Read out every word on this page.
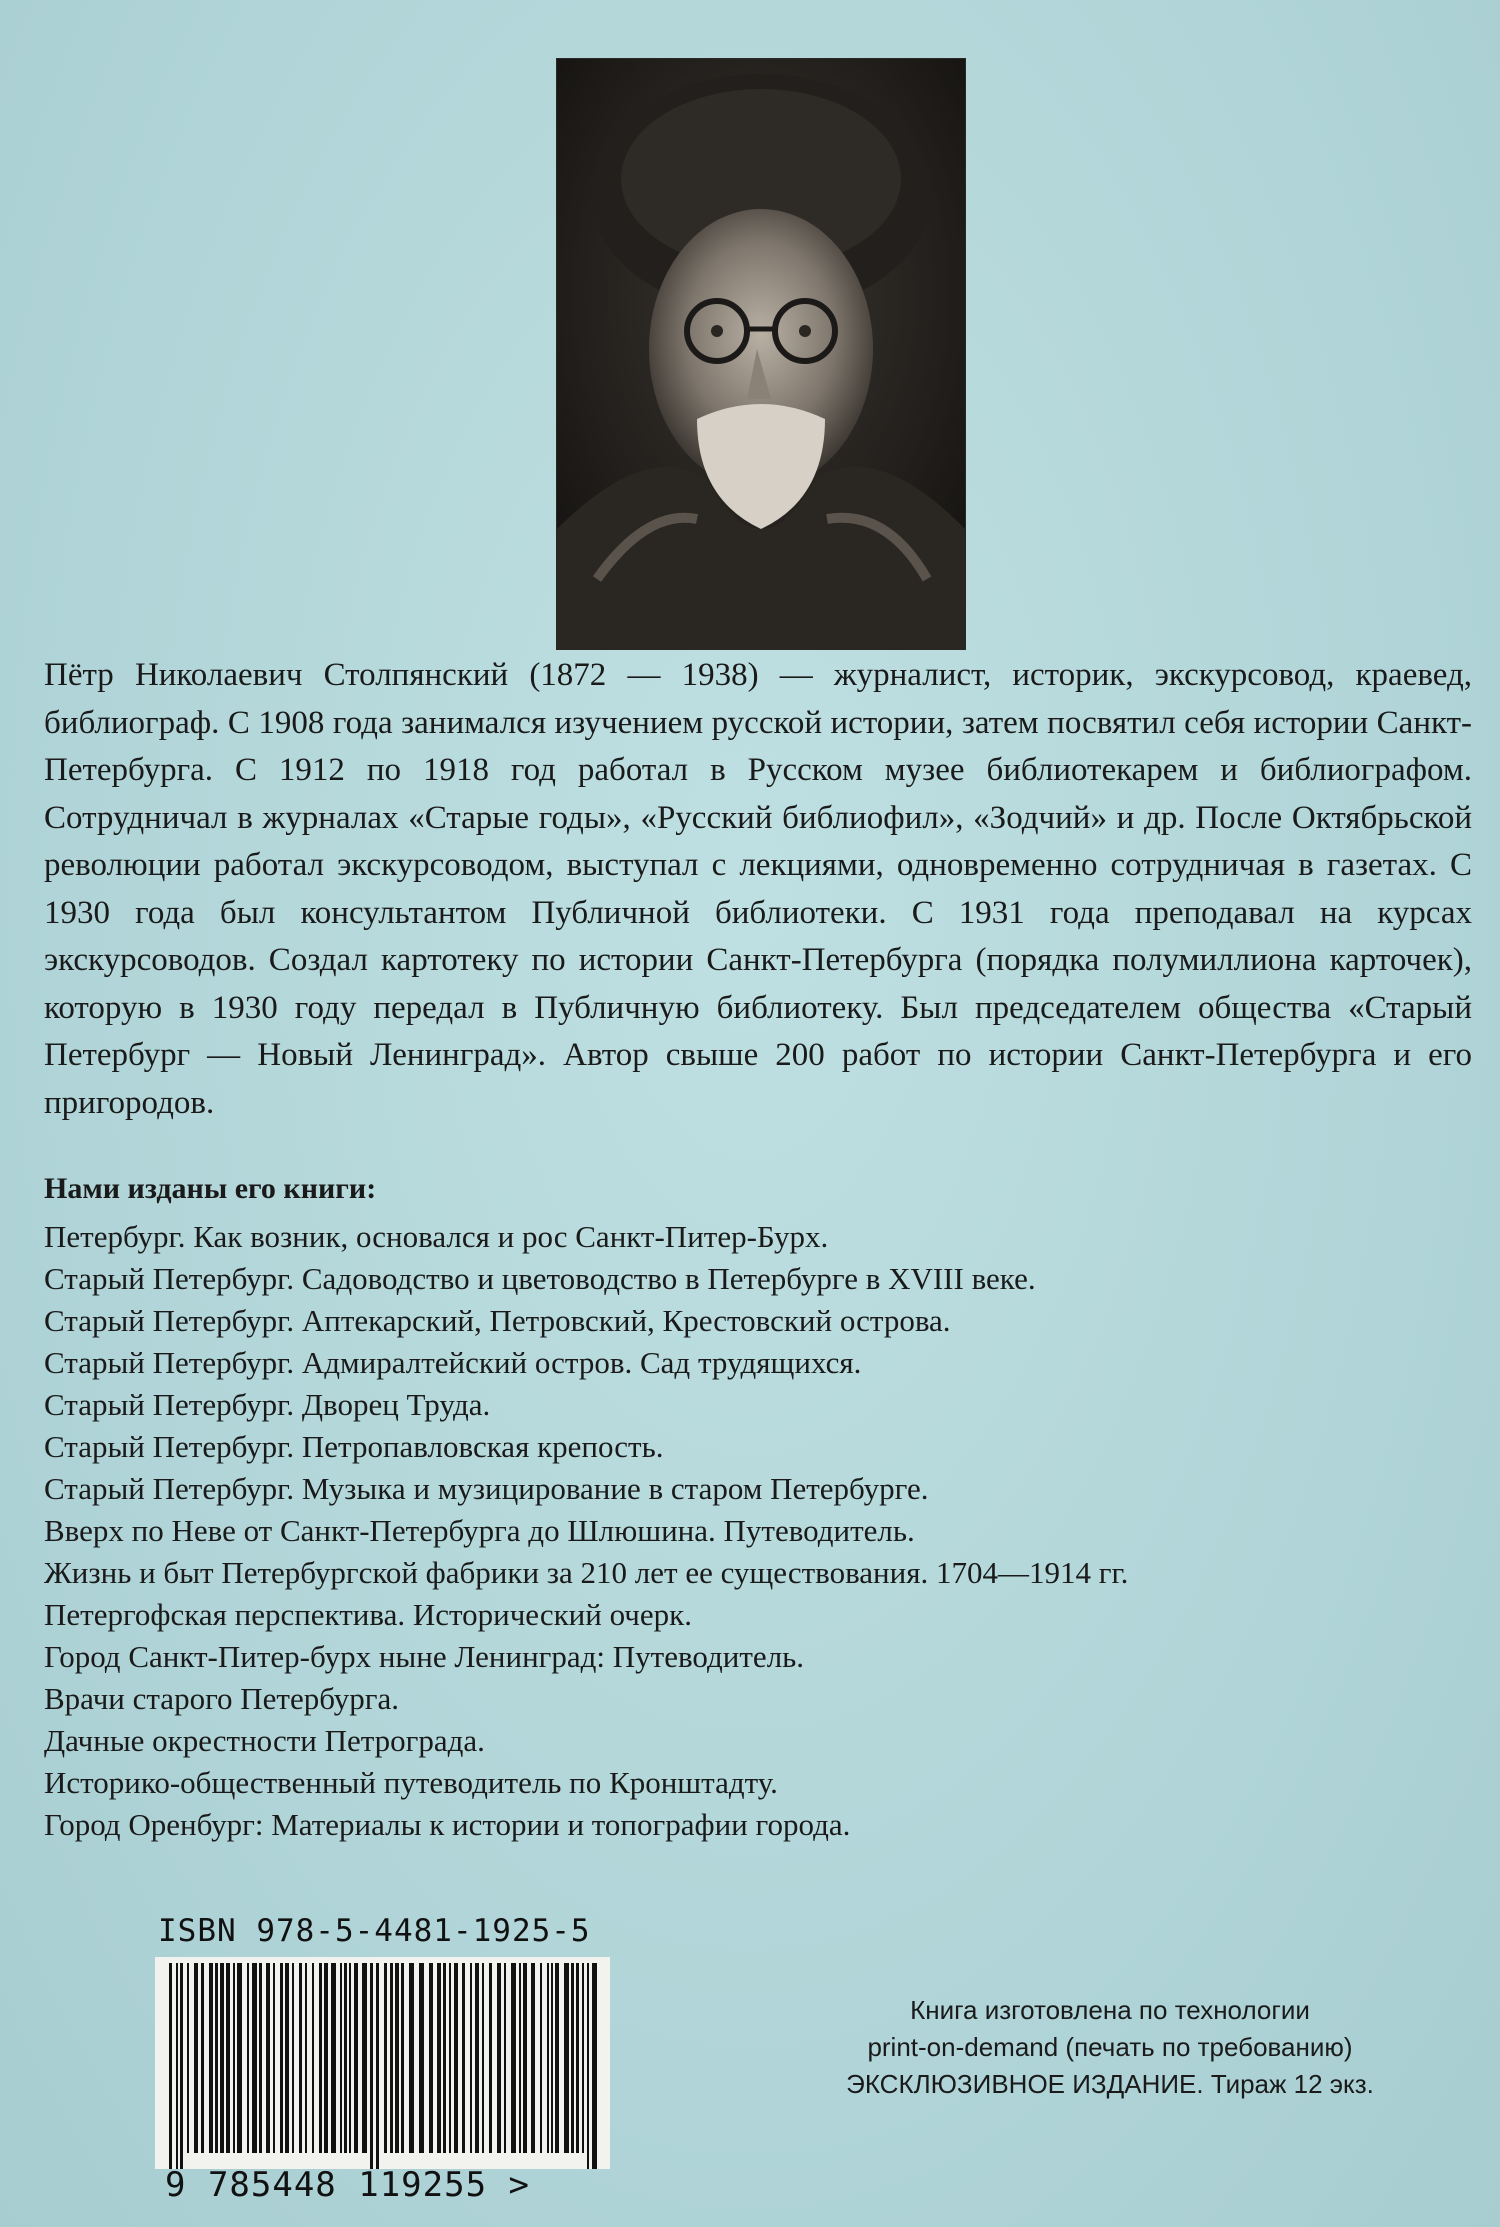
Пётр Николаевич Столпянский (1872 — 1938) — журналист, историк, экскурсовод, краевед, библиограф. С 1908 года занимался изучением русской истории, затем посвятил себя истории Санкт-Петербурга. С 1912 по 1918 год работал в Русском музее библиотекарем и библиографом. Сотрудничал в журналах «Старые годы», «Русский библиофил», «Зодчий» и др. После Октябрьской революции работал экскурсоводом, выступал с лекциями, одновременно сотрудничая в газетах. С 1930 года был консультантом Публичной библиотеки. С 1931 года преподавал на курсах экскурсоводов. Создал картотеку по истории Санкт-Петербурга (порядка полумиллиона карточек), которую в 1930 году передал в Публичную библиотеку. Был председателем общества «Старый Петербург — Новый Ленинград». Автор свыше 200 работ по истории Санкт-Петербурга и его пригородов.

Нами изданы его книги:

Петербург. Как возник, основался и рос Санкт-Питер-Бурх.
Старый Петербург. Садоводство и цветоводство в Петербурге в XVIII веке.
Старый Петербург. Аптекарский, Петровский, Крестовский острова.
Старый Петербург. Адмиралтейский остров. Сад трудящихся.
Старый Петербург. Дворец Труда.
Старый Петербург. Петропавловская крепость.
Старый Петербург. Музыка и музицирование в старом Петербурге.
Вверх по Неве от Санкт-Петербурга до Шлюшина. Путеводитель.
Жизнь и быт Петербургской фабрики за 210 лет ее существования. 1704—1914 гг.
Петергофская перспектива. Исторический очерк.
Город Санкт-Питер-бурх ныне Ленинград: Путеводитель.
Врачи старого Петербурга.
Дачные окрестности Петрограда.
Историко-общественный путеводитель по Кронштадту.
Город Оренбург: Материалы к истории и топографии города.
ISBN 978-5-4481-1925-5
9 785448 119255 >
Книга изготовлена по технологии
print-on-demand (печать по требованию)
ЭКСКЛЮЗИВНОЕ ИЗДАНИЕ. Тираж 12 экз.
